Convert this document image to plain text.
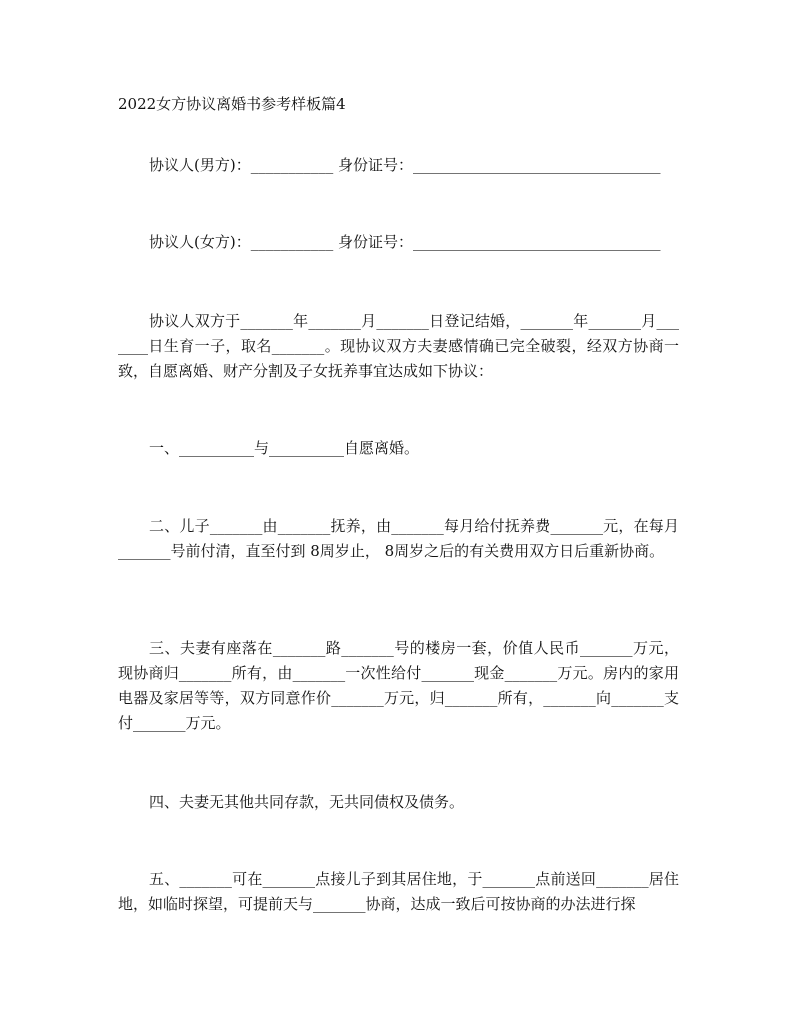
2022女方协议离婚书参考样板篇4
协议人(男方)：___________ 身份证号：_________________________________
协议人(女方)：___________ 身份证号：_________________________________
协议人双方于_______年_______月_______日登记结婚，_______年_______月_______日生育一子，取名_______。现协议双方夫妻感情确已完全破裂，经双方协商一致，自愿离婚、财产分割及子女抚养事宜达成如下协议：
一、__________与__________自愿离婚。
二、儿子_______由_______抚养，由_______每月给付抚养费_______元，在每月_______号前付清，直至付到 8周岁止， 8周岁之后的有关费用双方日后重新协商。
三、夫妻有座落在_______路_______号的楼房一套，价值人民币_______万元，现协商归_______所有，由_______一次性给付_______现金_______万元。房内的家用电器及家居等等，双方同意作价_______万元，归_______所有，_______向_______支付_______万元。
四、夫妻无其他共同存款，无共同债权及债务。
五、_______可在_______点接儿子到其居住地，于_______点前送回_______居住地，如临时探望，可提前天与_______协商，达成一致后可按协商的办法进行探
